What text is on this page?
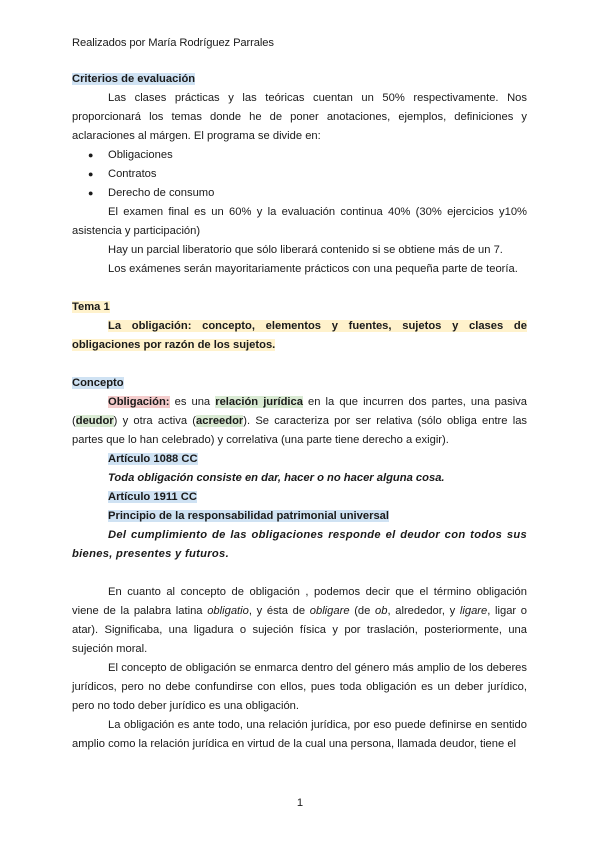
Realizados por María Rodríguez Parrales

Criterios de evaluación

Las clases prácticas y las teóricas cuentan un 50% respectivamente. Nos proporcionará los temas donde he de poner anotaciones, ejemplos, definiciones y aclaraciones al márgen. El programa se divide en:

● Obligaciones
● Contratos
● Derecho de consumo

El examen final es un 60% y la evaluación continua 40% (30% ejercicios y10% asistencia y participación)

Hay un parcial liberatorio que sólo liberará contenido si se obtiene más de un 7.

Los exámenes serán mayoritariamente prácticos con una pequeña parte de teoría.

Tema 1

La obligación: concepto, elementos y fuentes, sujetos y clases de obligaciones por razón de los sujetos.

Concepto

Obligación: es una relación jurídica en la que incurren dos partes, una pasiva (deudor) y otra activa (acreedor). Se caracteriza por ser relativa (sólo obliga entre las partes que lo han celebrado) y correlativa (una parte tiene derecho a exigir).

Artículo 1088 CC

Toda obligación consiste en dar, hacer o no hacer alguna cosa.

Artículo 1911 CC

Principio de la responsabilidad patrimonial universal

Del cumplimiento de las obligaciones responde el deudor con todos sus bienes, presentes y futuros.

En cuanto al concepto de obligación , podemos decir que el término obligación viene de la palabra latina obligatio, y ésta de obligare (de ob, alrededor, y ligare, ligar o atar). Significaba, una ligadura o sujeción física y por traslación, posteriormente, una sujeción moral.

El concepto de obligación se enmarca dentro del género más amplio de los deberes jurídicos, pero no debe confundirse con ellos, pues toda obligación es un deber jurídico, pero no todo deber jurídico es una obligación.

La obligación es ante todo, una relación jurídica, por eso puede definirse en sentido amplio como la relación jurídica en virtud de la cual una persona, llamada deudor, tiene el

1
